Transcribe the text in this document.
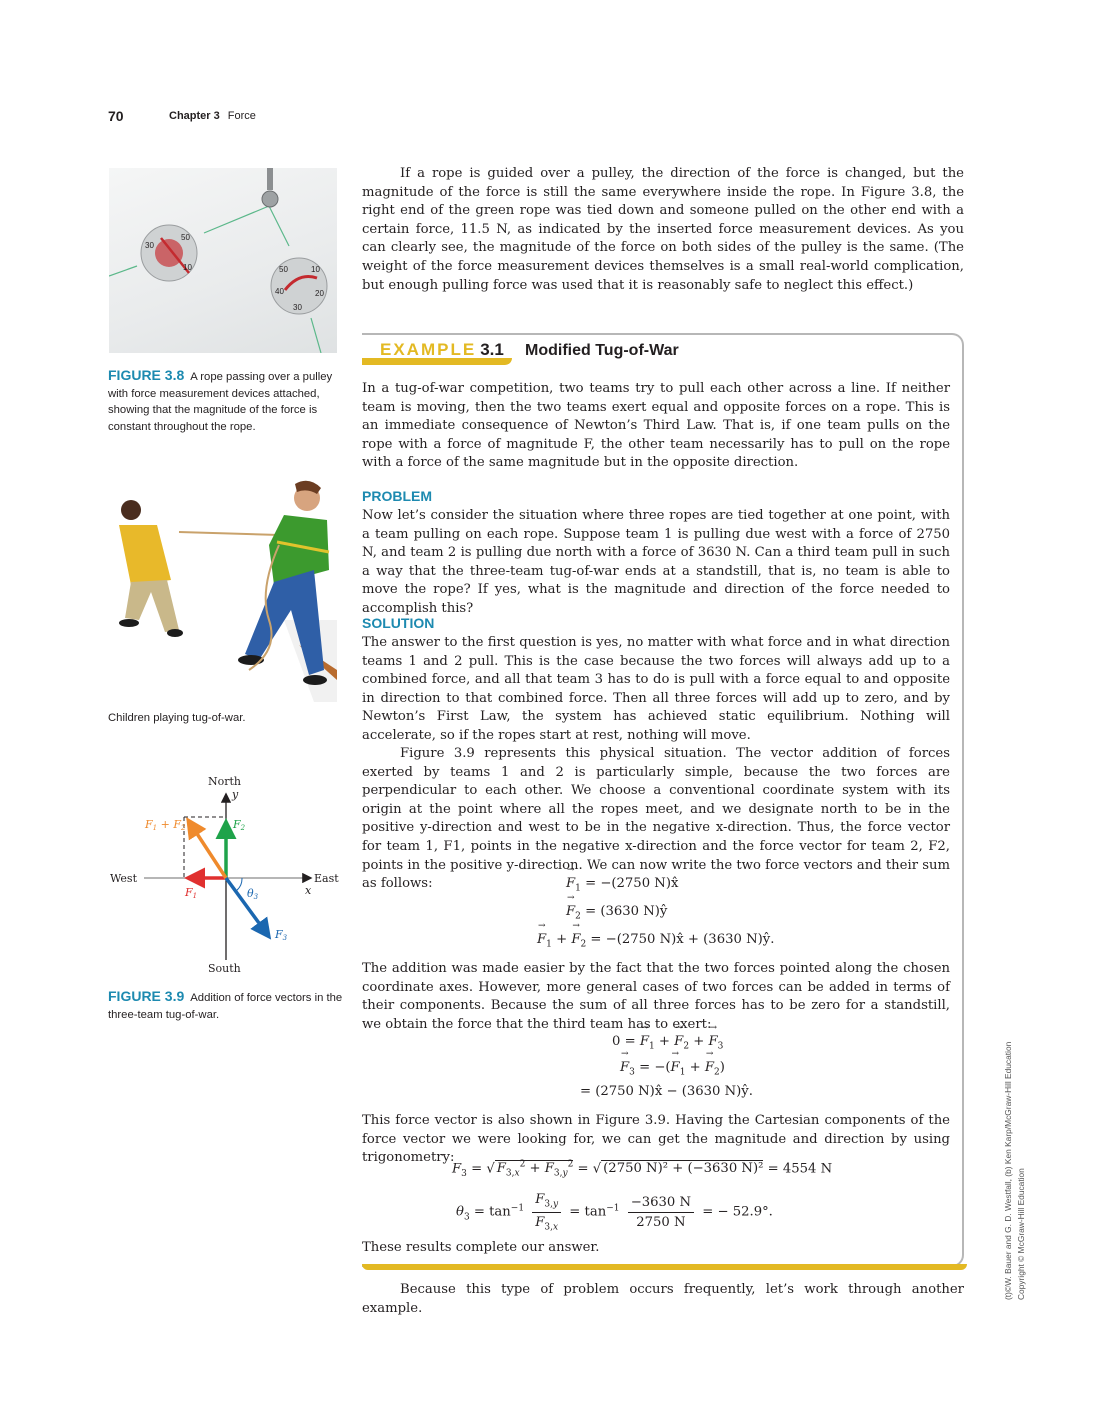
70	Chapter 3 Force
30
50
10	50
40
10
20
30
FIGURE 3.8 A rope passing over a pulley with force measurement devices attached, showing that the magnitude of the force is constant throughout the rope.
Children playing tug-of-war.
North
y
West	East
x
South
F1 + F2	F2
F1
F3
θ3
FIGURE 3.9 Addition of force vectors in the three-team tug-of-war.
If a rope is guided over a pulley, the direction of the force is changed, but the magnitude of the force is still the same everywhere inside the rope. In Figure 3.8, the right end of the green rope was tied down and someone pulled on the other end with a certain force, 11.5 N, as indicated by the inserted force measurement devices. As you can clearly see, the magnitude of the force on both sides of the pulley is the same. (The weight of the force measurement devices themselves is a small real-world complication, but enough pulling force was used that it is reasonably safe to neglect this effect.)
EXAMPLE 3.1 Modified Tug-of-War
In a tug-of-war competition, two teams try to pull each other across a line. If neither team is moving, then the two teams exert equal and opposite forces on a rope. This is an immediate consequence of Newton’s Third Law. That is, if one team pulls on the rope with a force of magnitude F, the other team necessarily has to pull on the rope with a force of the same magnitude but in the opposite direction.
PROBLEM
Now let’s consider the situation where three ropes are tied together at one point, with a team pulling on each rope. Suppose team 1 is pulling due west with a force of 2750 N, and team 2 is pulling due north with a force of 3630 N. Can a third team pull in such a way that the three-team tug-of-war ends at a standstill, that is, no team is able to move the rope? If yes, what is the magnitude and direction of the force needed to accomplish this?
SOLUTION
The answer to the first question is yes, no matter with what force and in what direction teams 1 and 2 pull. This is the case because the two forces will always add up to a combined force, and all that team 3 has to do is pull with a force equal to and opposite in direction to that combined force. Then all three forces will add up to zero, and by Newton’s First Law, the system has achieved static equilibrium. Nothing will accelerate, so if the ropes start at rest, nothing will move.
Figure 3.9 represents this physical situation. The vector addition of forces exerted by teams 1 and 2 is particularly simple, because the two forces are perpendicular to each other. We choose a conventional coordinate system with its origin at the point where all the ropes meet, and we designate north to be in the positive y-direction and west to be in the negative x-direction. Thus, the force vector for team 1, F1, points in the negative x-direction and the force vector for team 2, F2, points in the positive y-direction. We can now write the two force vectors and their sum as follows:	→ $F_1 = -(2750$ N)x̂
→ $F_2 = (3630$ N)ŷ
→ $F_1$ + → $F_2 = -(2750$ N)x̂ + (3630 N)ŷ.
The addition was made easier by the fact that the two forces pointed along the chosen coordinate axes. However, more general cases of two forces can be added in terms of their components. Because the sum of all three forces has to be zero for a standstill, we obtain the force that the third team has to exert:
0 = → $F_1$ + → $F_2$ + → $F_3$
→ $F_3$ = −(→ $F_1$ + → $F_2$)
= (2750 N)x̂ − (3630 N)ŷ.
This force vector is also shown in Figure 3.9. Having the Cartesian components of the force vector we were looking for, we can get the magnitude and direction by using trigonometry:
$F_3$ = √ $F_{3,x}^2 + F_{3,y}^2$ = √ (2750 N)² + (−3630 N)² = 4554 N
$\theta_3 = \tan^{-1} \frac{F_{3,y}}{F_{3,x}} = \tan^{-1} \frac{-3630 N}{2750 N}$ = − 52.9°.
These results complete our answer.
Because this type of problem occurs frequently, let’s work through another example.
(t)©W. Bauer and G. D. Westfall, (b) Ken Karp/McGraw-Hill Education Copyright © McGraw-Hill Education
